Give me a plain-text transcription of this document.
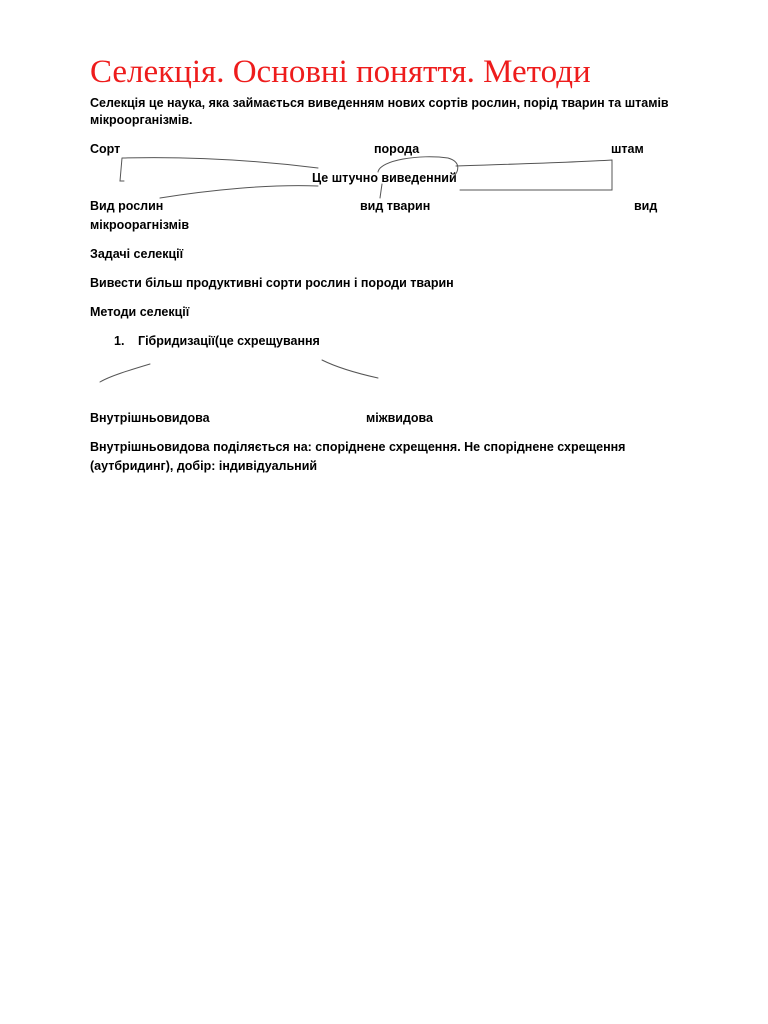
Селекція. Основні поняття. Методи
Селекція це наука, яка займається виведенням нових сортів рослин, порід тварин та штамів
мікроорганізмів.
Сорт	порода	штам
Це штучно виведенний
Вид рослин	вид тварин	вид
мікроорагнізмів
Задачі селекції
Вивести більш продуктивні сорти рослин і породи тварин
Методи селекції
1. Гібридизації(це схрещування
Внутрішньовидова	міжвидова
Внутрішньовидова поділяється на: споріднене схрещення. Не споріднене схрещення
(аутбридинг), добір: індивідуальний
